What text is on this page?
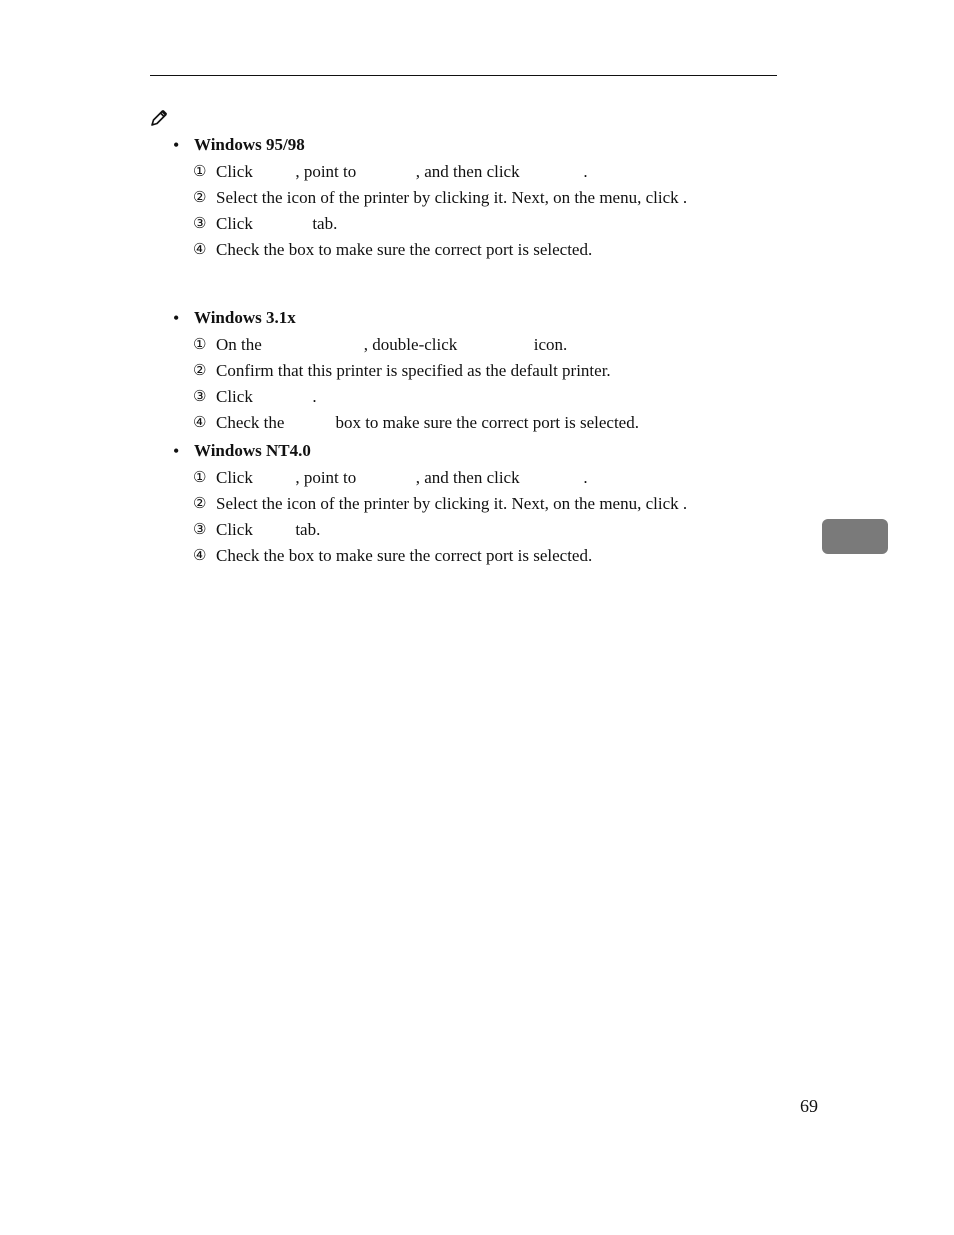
• Windows 95/98
① Click          , point to              , and then click               .
② Select the icon of the printer by clicking it. Next, on the menu, click .
③ Click              tab.
④ Check the box to make sure the correct port is selected.
• Windows 3.1x
① On the                        , double-click                  icon.
② Confirm that this printer is specified as the default printer.
③ Click              .
④ Check the            box to make sure the correct port is selected.
• Windows NT4.0
① Click          , point to              , and then click               .
② Select the icon of the printer by clicking it. Next, on the menu, click .
③ Click          tab.
④ Check the box to make sure the correct port is selected.
69
